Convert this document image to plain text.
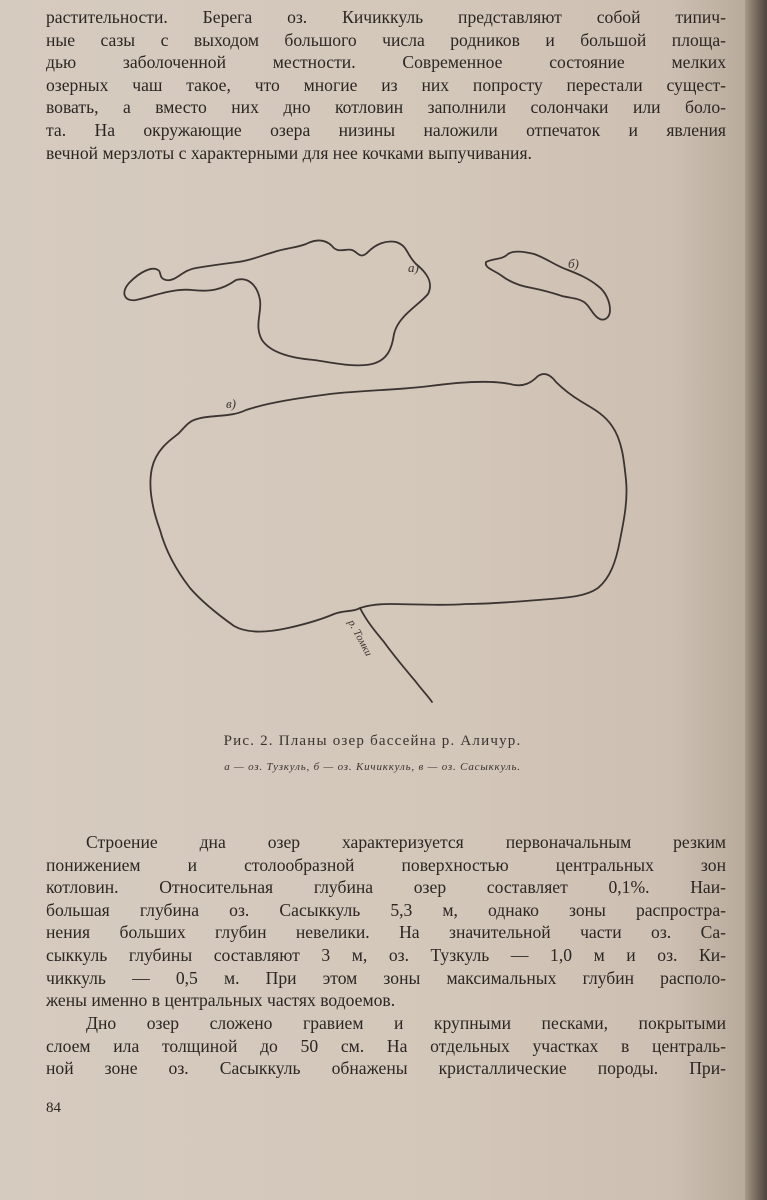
растительности. Берега оз. Кичиккуль представляют собой типич-
ные сазы с выходом большого числа родников и большой площа-
дью заболоченной местности. Современное состояние мелких
озерных чаш такое, что многие из них попросту перестали сущест-
вовать, а вместо них дно котловин заполнили солончаки или боло-
та. На окружающие озера низины наложили отпечаток и явления
вечной мерзлоты с характерными для нее кочками выпучивания.
а)	б)
в)
р. Томки
Рис. 2. Планы озер бассейна р. Аличур.
а — оз. Тузкуль, б — оз. Кичиккуль, в — оз. Сасыккуль.
Строение дна озер характеризуется первоначальным резким
понижением и столообразной поверхностью центральных зон
котловин. Относительная глубина озер составляет 0,1%. Наи-
большая глубина оз. Сасыккуль 5,3 м, однако зоны распростра-
нения больших глубин невелики. На значительной части оз. Са-
сыккуль глубины составляют 3 м, оз. Тузкуль — 1,0 м и оз. Ки-
чиккуль — 0,5 м. При этом зоны максимальных глубин располо-
жены именно в центральных частях водоемов.
Дно озер сложено гравием и крупными песками, покрытыми
слоем ила толщиной до 50 см. На отдельных участках в централь-
ной зоне оз. Сасыккуль обнажены кристаллические породы. При-
84
